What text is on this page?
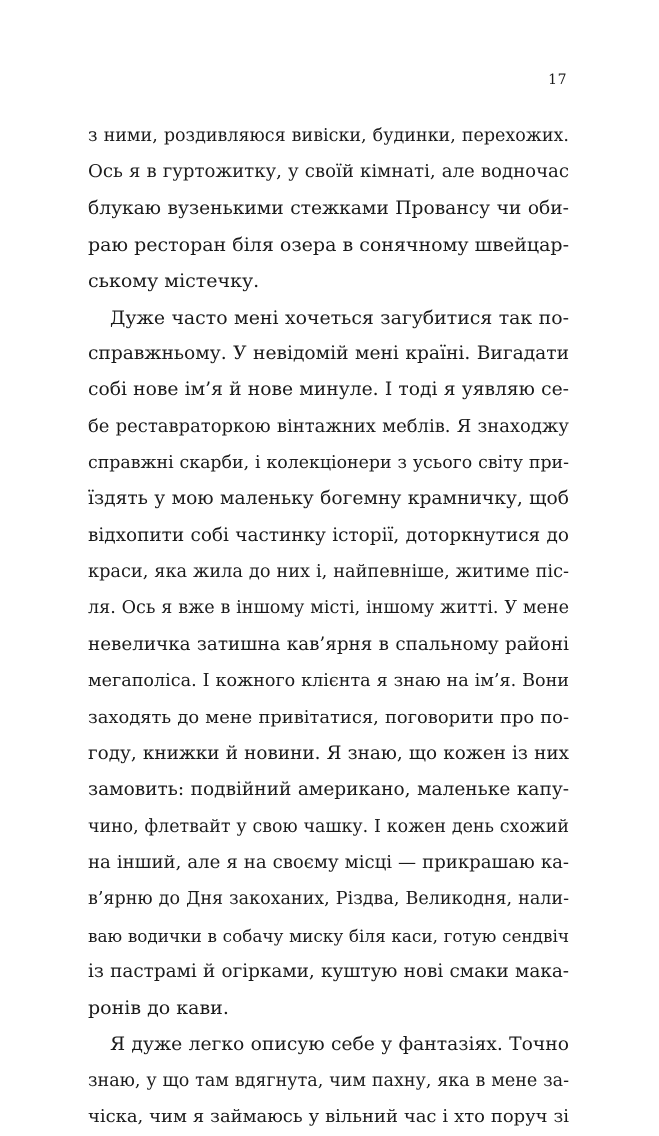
17
з ними, роздивляюся вивіски, будинки, перехожих.
Ось я в гуртожитку, у своїй кімнаті, але водночас
блукаю вузенькими стежками Провансу чи оби-
раю ресторан біля озера в сонячному швейцар-
ському містечку.
Дуже часто мені хочеться загубитися так по-
справжньому. У невідомій мені країні. Вигадати
собі нове ім’я й нове минуле. І тоді я уявляю се-
бе реставраторкою вінтажних меблів. Я знаходжу
справжні скарби, і колекціонери з усього світу при-
їздять у мою маленьку богемну крамничку, щоб
відхопити собі частинку історії, доторкнутися до
краси, яка жила до них і, найпевніше, житиме піс-
ля. Ось я вже в іншому місті, іншому житті. У мене
невеличка затишна кав’ярня в спальному районі
мегаполіса. І кожного клієнта я знаю на ім’я. Вони
заходять до мене привітатися, поговорити про по-
году, книжки й новини. Я знаю, що кожен із них
замовить: подвійний американо, маленьке капу-
чино, флетвайт у свою чашку. І кожен день схожий
на інший, але я на своєму місці — прикрашаю ка-
в’ярню до Дня закоханих, Різдва, Великодня, нали-
ваю водички в собачу миску біля каси, готую сендвіч
із пастрамі й огірками, куштую нові смаки мака-
ронів до кави.
Я дуже легко описую себе у фантазіях. Точно
знаю, у що там вдягнута, чим пахну, яка в мене за-
чіска, чим я займаюсь у вільний час і хто поруч зі
